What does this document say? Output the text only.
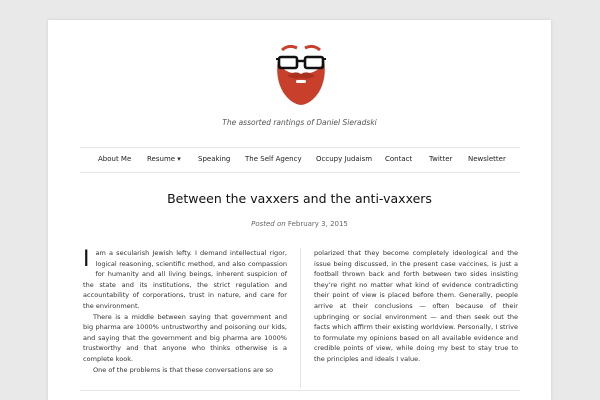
The assorted rantings of Daniel Sieradski
About Me Resume ▾ Speaking The Self Agency Occupy Judaism Contact Twitter Newsletter
Between the vaxxers and the anti-vaxxers
Posted on February 3, 2015

Iam a secularish Jewish lefty. I demand intellectual rigor, logical reasoning, scientific method, and also compassion for humanity and all living beings, inherent suspicion of the state and its institutions, the strict regulation and accountability of corporations, trust in nature, and care for the environment.

There is a middle between saying that government and big pharma are 1000% untrustworthy and poisoning our kids, and saying that the government and big pharma are 1000% trustworthy and that anyone who thinks otherwise is a complete kook.

One of the problems is that these conversations are so

polarized that they become completely ideological and the issue being discussed, in the present case vaccines, is just a football thrown back and forth between two sides insisting they’re right no matter what kind of evidence contradicting their point of view is placed before them. Generally, people arrive at their conclusions — often because of their upbringing or social environment — and then seek out the facts which affirm their existing worldview. Personally, I strive to formulate my opinions based on all available evidence and credible points of view, while doing my best to stay true to the principles and ideals I value.
